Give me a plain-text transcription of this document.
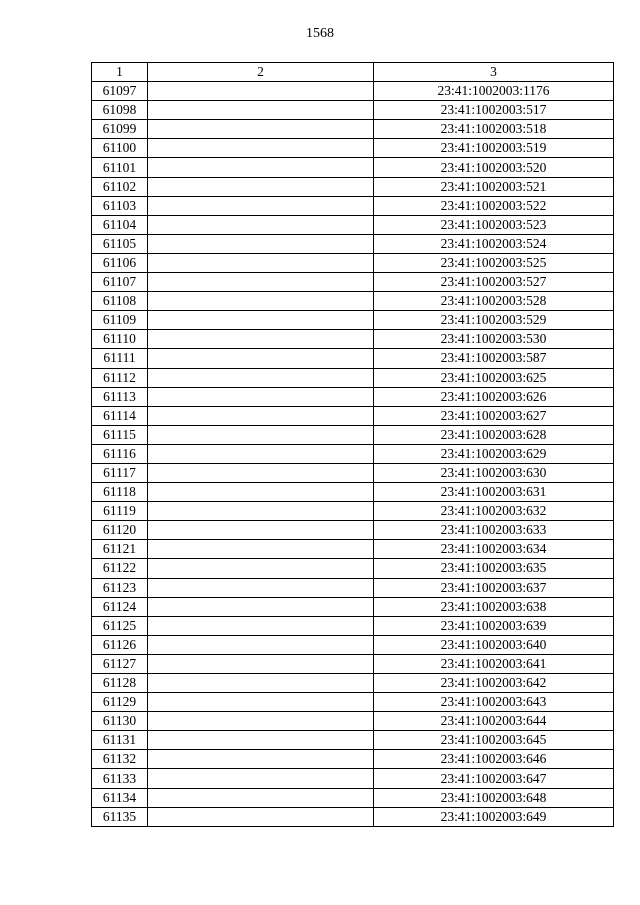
1568
1	2	3
61097		23:41:1002003:1176
61098		23:41:1002003:517
61099		23:41:1002003:518
61100		23:41:1002003:519
61101		23:41:1002003:520
61102		23:41:1002003:521
61103		23:41:1002003:522
61104		23:41:1002003:523
61105		23:41:1002003:524
61106		23:41:1002003:525
61107		23:41:1002003:527
61108		23:41:1002003:528
61109		23:41:1002003:529
61110		23:41:1002003:530
61111		23:41:1002003:587
61112		23:41:1002003:625
61113		23:41:1002003:626
61114		23:41:1002003:627
61115		23:41:1002003:628
61116		23:41:1002003:629
61117		23:41:1002003:630
61118		23:41:1002003:631
61119		23:41:1002003:632
61120		23:41:1002003:633
61121		23:41:1002003:634
61122		23:41:1002003:635
61123		23:41:1002003:637
61124		23:41:1002003:638
61125		23:41:1002003:639
61126		23:41:1002003:640
61127		23:41:1002003:641
61128		23:41:1002003:642
61129		23:41:1002003:643
61130		23:41:1002003:644
61131		23:41:1002003:645
61132		23:41:1002003:646
61133		23:41:1002003:647
61134		23:41:1002003:648
61135		23:41:1002003:649
